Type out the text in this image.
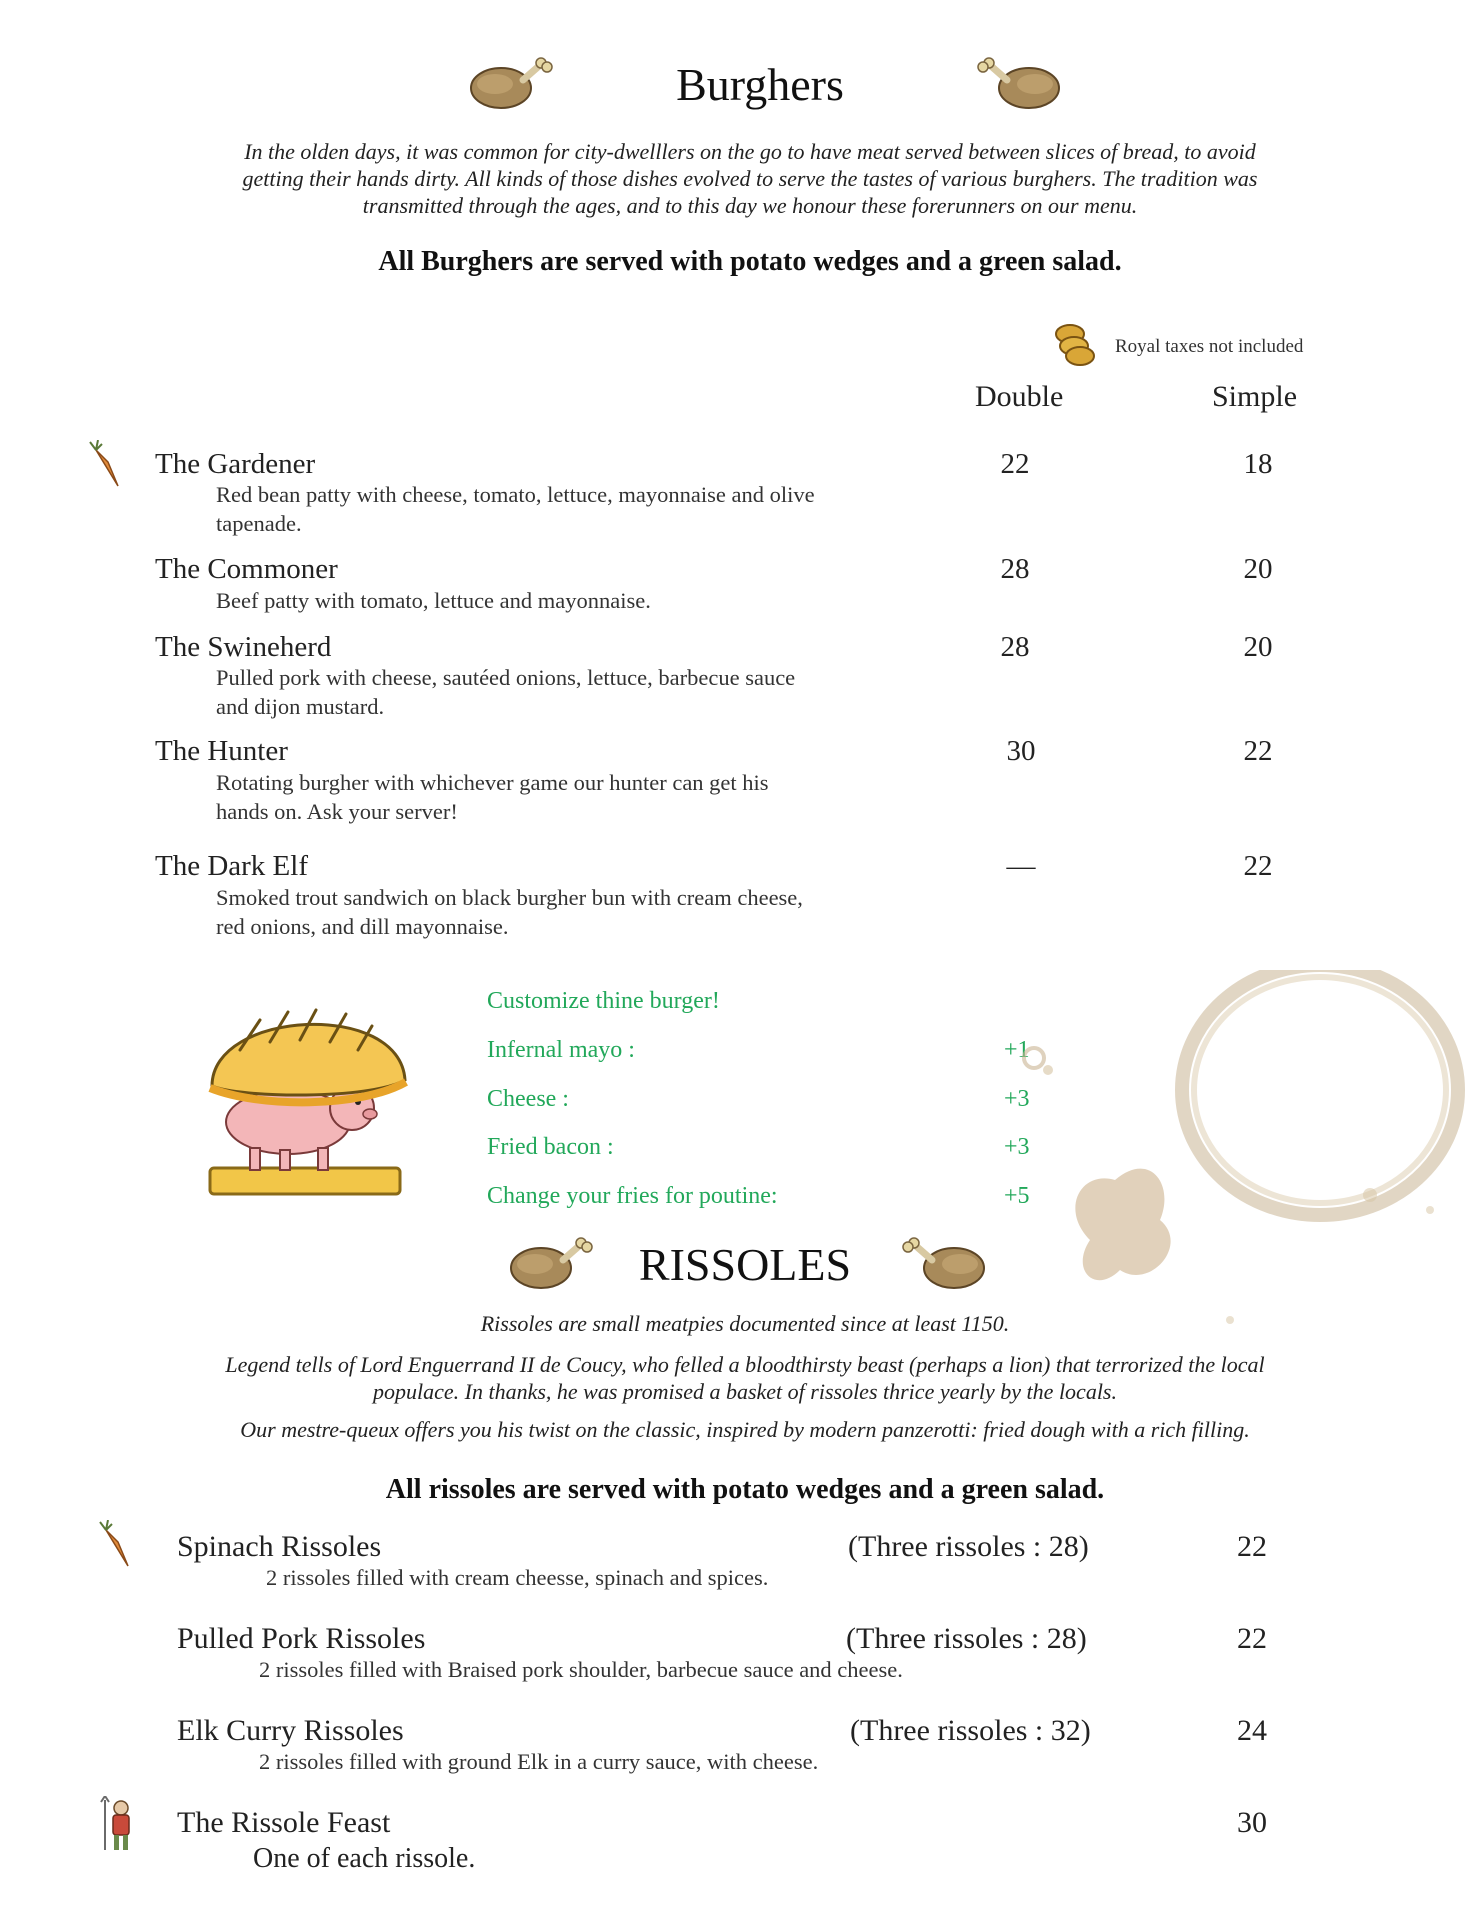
Burghers
In the olden days, it was common for city-dwelllers on the go to have meat served between slices of bread, to avoid
getting their hands dirty. All kinds of those dishes evolved to serve the tastes of various burghers. The tradition was
transmitted through the ages, and to this day we honour these forerunners on our menu.
All Burghers are served with potato wedges and a green salad.
Royal taxes not included
Double	Simple
The Gardener
Red bean patty with cheese, tomato, lettuce, mayonnaise and olive
tapenade.
22	18
The Commoner
Beef patty with tomato, lettuce and mayonnaise.
28	20
The Swineherd
Pulled pork with cheese, sautéed onions, lettuce, barbecue sauce
and dijon mustard.
28	20
The Hunter
Rotating burgher with whichever game our hunter can get his
hands on. Ask your server!
30	22
The Dark Elf
Smoked trout sandwich on black burgher bun with cream cheese,
red onions, and dill mayonnaise.
—	22
Customize thine burger!
Infernal mayo :	+1
Cheese :	+3
Fried bacon :	+3
Change your fries for poutine:	+5
RISSOLES
Rissoles are small meatpies documented since at least 1150.
Legend tells of Lord Enguerrand II de Coucy, who felled a bloodthirsty beast (perhaps a lion) that terrorized the local
populace. In thanks, he was promised a basket of rissoles thrice yearly by the locals.
Our mestre-queux offers you his twist on the classic, inspired by modern panzerotti: fried dough with a rich filling.
All rissoles are served with potato wedges and a green salad.
Spinach Rissoles
2 rissoles filled with cream cheesse, spinach and spices.
(Three rissoles : 28)	22
Pulled Pork Rissoles
2 rissoles filled with Braised pork shoulder, barbecue sauce and cheese.
(Three rissoles : 28)	22
Elk Curry Rissoles
2 rissoles filled with ground Elk in a curry sauce, with cheese.
(Three rissoles : 32)	24
The Rissole Feast
One of each rissole.
30
